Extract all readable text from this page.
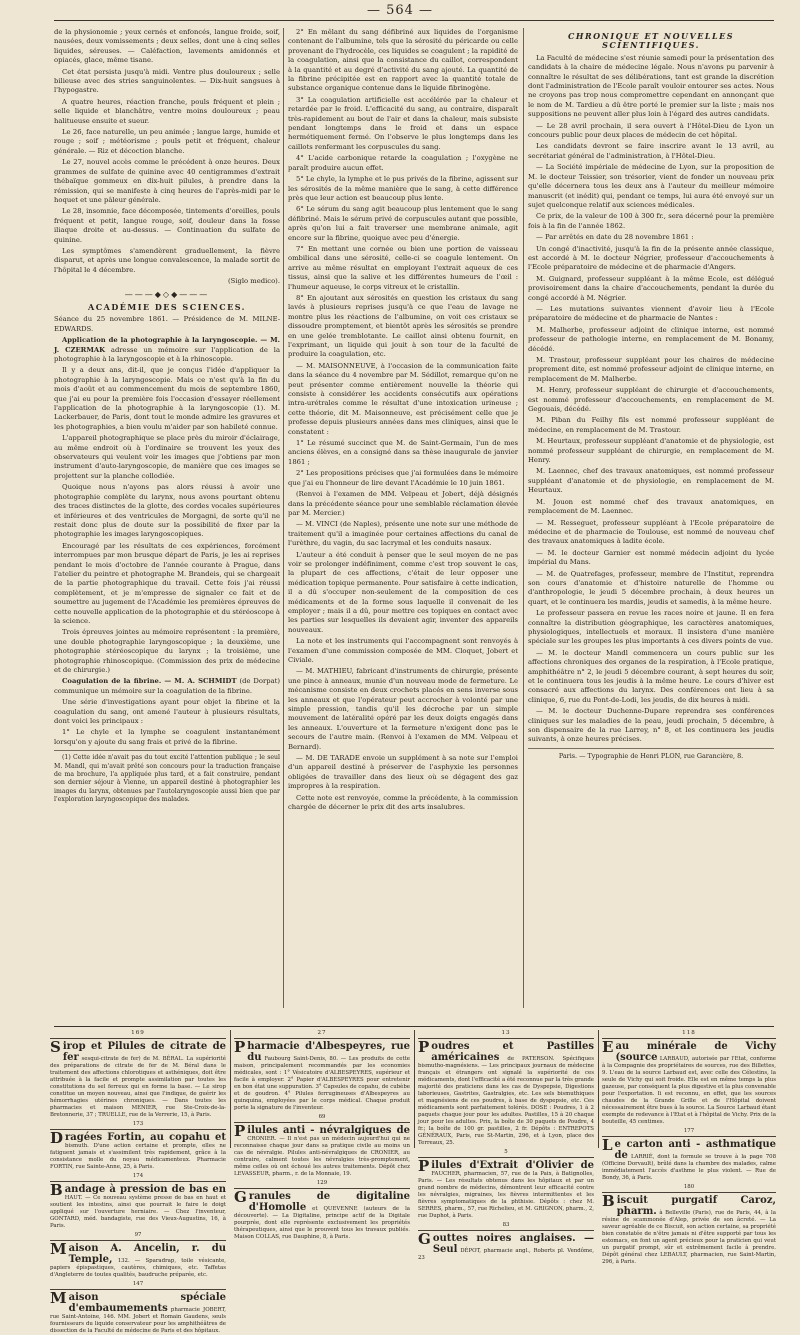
— 564 —

de la physionomie ; yeux cernés et enfoncés, langue froide, soif, nausées, deux vomissements ; deux selles, dont une à cinq selles liquides, séreuses. — Caléfaction, lavements amidonnés et opiacés, glace, même tisane.

Cet état persista jusqu'à midi. Ventre plus douloureux ; selle bilieuse avec des stries sanguinolentes. — Dix-huit sangsues à l'hypogastre.

A quatre heures, réaction franche, pouls fréquent et plein ; selle liquide et blanchâtre, ventre moins douloureux ; peau halitueuse ensuite et sueur.

Le 26, face naturelle, un peu animée ; langue large, humide et rouge ; soif ; météorisme ; pouls petit et fréquent, chaleur générale. — Riz et décoction blanche.

Le 27, nouvel accès comme le précédent à onze heures. Deux grammes de sulfate de quinine avec 40 centigrammes d'extrait thébaïque gommeux en dix-huit pilules, à prendre dans la rémission, qui se manifeste à cinq heures de l'après-midi par le hoquet et une pâleur générale.

Le 28, insomnie, face décomposée, tintements d'oreilles, pouls fréquent et petit, langue rouge, soif, douleur dans la fosse iliaque droite et au-dessus. — Continuation du sulfate de quinine.

Les symptômes s'amendèrent graduellement, la fièvre disparut, et après une longue convalescence, la malade sortit de l'hôpital le 4 décembre.

(Siglo medico).

———◆◇◆———
ACADÉMIE DES SCIENCES.

Séance du 25 novembre 1861. — Présidence de M. MILNE-EDWARDS.

Application de la photographie à la laryngoscopie. — M. J. CZERMAK adresse un mémoire sur l'application de la photographie à la laryngoscopie et à la rhinoscopie.

Il y a deux ans, dit-il, que je conçus l'idée d'appliquer la photographie à la laryngoscopie. Mais ce n'est qu'à la fin du mois d'août et au commencement du mois de septembre 1860, que j'ai eu pour la première fois l'occasion d'essayer réellement l'application de la photographie à la laryngoscopie (1). M. Lackerbauer, de Paris, dont tout le monde admire les gravures et les photographies, a bien voulu m'aider par son habileté connue.

L'appareil photographique se place près du miroir d'éclairage, au même endroit où à l'ordinaire se trouvent les yeux des observateurs qui veulent voir les images que j'obtiens par mon instrument d'auto-laryngoscopie, de manière que ces images se projettent sur la planche collodiée.

Quoique nous n'ayons pas alors réussi à avoir une photographie complète du larynx, nous avons pourtant obtenu des traces distinctes de la glotte, des cordes vocales supérieures et inférieures et des ventricules de Morgagni, de sorte qu'il ne restait donc plus de doute sur la possibilité de fixer par la photographie les images laryngoscopiques.

Encouragé par les résultats de ces expériences, forcément interrompues par mon brusque départ de Paris, je les ai reprises pendant le mois d'octobre de l'année courante à Prague, dans l'atelier du peintre et photographe M. Brandeis, qui se chargeait de la partie photographique du travail. Cette fois j'ai réussi complètement, et je m'empresse de signaler ce fait et de soumettre au jugement de l'Académie les premières épreuves de cette nouvelle application de la photographie et du stéréoscope à la science.

Trois épreuves jointes au mémoire représentent : la première, une double photographie laryngoscopique ; la deuxième, une photographie stéréoscopique du larynx ; la troisième, une photographie rhinoscopique. (Commission des prix de médecine et de chirurgie.)

Coagulation de la fibrine. — M. A. SCHMIDT (de Dorpat) communique un mémoire sur la coagulation de la fibrine.

Une série d'investigations ayant pour objet la fibrine et la coagulation du sang, ont amené l'auteur à plusieurs résultats, dont voici les principaux :

1° Le chyle et la lymphe se coagulent instantanément lorsqu'on y ajoute du sang frais et privé de la fibrine.

(1) Cette idée n'avait pas du tout excité l'attention publique ; le seul M. Mandl, qui m'avait prêté son concours pour la traduction française de ma brochure, l'a appliquée plus tard, et a fait construire, pendant son dernier séjour à Vienne, un appareil destiné à photographier les images du larynx, obtenues par l'autolaryngoscopie aussi bien que par l'exploration laryngoscopique des malades.

2° En mêlant du sang défibriné aux liquides de l'organisme contenant de l'albumine, tels que la sérosité du péricarde ou celle provenant de l'hydrocèle, ces liquides se coagulent ; la rapidité de la coagulation, ainsi que la consistance du caillot, correspondent à la quantité et au degré d'activité du sang ajouté. La quantité de la fibrine précipitée est en rapport avec la quantité totale de substance organique contenue dans le liquide fibrinogène.

3° La coagulation artificielle est accélérée par la chaleur et retardée par le froid. L'efficacité du sang, au contraire, disparaît très-rapidement au bout de l'air et dans la chaleur, mais subsiste pendant longtemps dans le froid et dans un espace hermétiquement fermé. On l'observe le plus longtemps dans les caillots renfermant les corpuscules du sang.

4° L'acide carbonique retarde la coagulation ; l'oxygène ne paraît produire aucun effet.

5° Le chyle, la lymphe et le pus privés de la fibrine, agissent sur les sérosités de la même manière que le sang, à cette différence près que leur action est beaucoup plus lente.

6° Le sérum du sang agit beaucoup plus lentement que le sang défibriné. Mais le sérum privé de corpuscules autant que possible, après qu'on lui a fait traverser une membrane animale, agit encore sur la fibrine, quoique avec peu d'énergie.

7° En mettant une cornée ou bien une portion de vaisseau ombilical dans une sérosité, celle-ci se coagule lentement. On arrive au même résultat en employant l'extrait aqueux de ces tissus, ainsi que la salive et les différentes humeurs de l'œil : l'humeur aqueuse, le corps vitreux et le cristallin.

8° En ajoutant aux sérosités en question les cristaux du sang lavés à plusieurs reprises jusqu'à ce que l'eau de lavage ne montre plus les réactions de l'albumine, on voit ces cristaux se dissoudre promptement, et bientôt après les sérosités se prendre en une gelée tremblotante. Le caillot ainsi obtenu fournit, en l'exprimant, un liquide qui jouit à son tour de la faculté de produire la coagulation, etc.

— M. MAISONNEUVE, à l'occasion de la communication faite dans la séance du 4 novembre par M. Sédillot, remarque qu'on ne peut présenter comme entièrement nouvelle la théorie qui consiste à considérer les accidents consécutifs aux opérations intra-urétrales comme le résultat d'une intoxication urineuse ; cette théorie, dit M. Maisonneuve, est précisément celle que je professe depuis plusieurs années dans mes cliniques, ainsi que le constatent :

1° Le résumé succinct que M. de Saint-Germain, l'un de mes anciens élèves, en a consigné dans sa thèse inaugurale de janvier 1861 ;

2° Les propositions précises que j'ai formulées dans le mémoire que j'ai eu l'honneur de lire devant l'Académie le 10 juin 1861.

(Renvoi à l'examen de MM. Velpeau et Jobert, déjà désignés dans la précédente séance pour une semblable réclamation élevée par M. Mercier.)

— M. VINCI (de Naples), présente une note sur une méthode de traitement qu'il a imaginée pour certaines affections du canal de l'urèthre, du vagin, du sac lacrymal et les conduits nasaux.

L'auteur a été conduit à penser que le seul moyen de ne pas voir se prolonger indéfiniment, comme c'est trop souvent le cas, la plupart de ces affections, c'était de leur opposer une médication topique permanente. Pour satisfaire à cette indication, il a dû s'occuper non-seulement de la composition de ces médicaments et de la forme sous laquelle il convenait de les employer ; mais il a dû, pour mettre ces topiques en contact avec les parties sur lesquelles ils devaient agir, inventer des appareils nouveaux.

La note et les instruments qui l'accompagnent sont renvoyés à l'examen d'une commission composée de MM. Cloquet, Jobert et Civiale.

— M. MATHIEU, fabricant d'instruments de chirurgie, présente une pince à anneaux, munie d'un nouveau mode de fermeture. Le mécanisme consiste en deux crochets placés en sens inverse sous les anneaux et que l'opérateur peut accrocher à volonté par une simple pression, tandis qu'il les décroche par un simple mouvement de latéralité opéré par les deux doigts engagés dans les anneaux. L'ouverture et la fermeture n'exigent donc pas le secours de l'autre main. (Renvoi à l'examen de MM. Velpeau et Bernard).

— M. DE TARADE envoie un supplément à sa note sur l'emploi d'un appareil destiné à préserver de l'asphyxie les personnes obligées de travailler dans des lieux où se dégagent des gaz impropres à la respiration.

Cette note est renvoyée, comme la précédente, à la commission chargée de décerner le prix dit des arts insalubres.

CHRONIQUE ET NOUVELLES SCIENTIFIQUES.

La Faculté de médecine s'est réunie samedi pour la présentation des candidats à la chaire de médecine légale. Nous n'avons pu parvenir à connaître le résultat de ses délibérations, tant est grande la discrétion dont l'administration de l'Ecole paraît vouloir entourer ses actes. Nous ne croyons pas trop nous compromettre cependant en annonçant que le nom de M. Tardieu a dû être porté le premier sur la liste ; mais nos suppositions ne peuvent aller plus loin à l'égard des autres candidats.

— Le 28 avril prochain, il sera ouvert à l'Hôtel-Dieu de Lyon un concours public pour deux places de médecin de cet hôpital.

Les candidats devront se faire inscrire avant le 13 avril, au secrétariat général de l'administration, à l'Hôtel-Dieu.

— La Société impériale de médecine de Lyon, sur la proposition de M. le docteur Teissier, son trésorier, vient de fonder un nouveau prix qu'elle décernera tous les deux ans à l'auteur du meilleur mémoire manuscrit (et inédit) qui, pendant ce temps, lui aura été envoyé sur un sujet quelconque relatif aux sciences médicales.

Ce prix, de la valeur de 100 à 300 fr., sera décerné pour la première fois à la fin de l'année 1862.

— Par arrêtés en date du 28 novembre 1861 :

Un congé d'inactivité, jusqu'à la fin de la présente année classique, est accordé à M. le docteur Négrier, professeur d'accouchements à l'Ecole préparatoire de médecine et de pharmacie d'Angers.

M. Guignard, professeur suppléant à la même Ecole, est délégué provisoirement dans la chaire d'accouchements, pendant la durée du congé accordé à M. Négrier.

— Les mutations suivantes viennent d'avoir lieu à l'Ecole préparatoire de médecine et de pharmacie de Nantes :

M. Malherbe, professeur adjoint de clinique interne, est nommé professeur de pathologie interne, en remplacement de M. Bonamy, décédé.

M. Trastour, professeur suppléant pour les chaires de médecine proprement dite, est nommé professeur adjoint de clinique interne, en remplacement de M. Malherbe.

M. Henry, professeur suppléant de chirurgie et d'accouchements, est nommé professeur d'accouchements, en remplacement de M. Gegouais, décédé.

M. Piban du Feilhy fils est nommé professeur suppléant de médecine, en remplacement de M. Trastour.

M. Heurtaux, professeur suppléant d'anatomie et de physiologie, est nommé professeur suppléant de chirurgie, en remplacement de M. Henry.

M. Laennec, chef des travaux anatomiques, est nommé professeur suppléant d'anatomie et de physiologie, en remplacement de M. Heurtaux.

M. Jouon est nommé chef des travaux anatomiques, en remplacement de M. Laennec.

— M. Resseguet, professeur suppléant à l'Ecole préparatoire de médecine et de pharmacie de Toulouse, est nommé de nouveau chef des travaux anatomiques à ladite école.

— M. le docteur Garnier est nommé médecin adjoint du lycée impérial du Mans.

— M. de Quatrefages, professeur, membre de l'Institut, reprendra son cours d'anatomie et d'histoire naturelle de l'homme ou d'anthropologie, le jeudi 5 décembre prochain, à deux heures un quart, et le continuera les mardis, jeudis et samedis, à la même heure.

Le professeur passera en revue les races noire et jaune. Il en fera connaître la distribution géographique, les caractères anatomiques, physiologiques, intellectuels et moraux. Il insistera d'une manière spéciale sur les groupes les plus importants à ces divers points de vue.

— M. le docteur Mandl commencera un cours public sur les affections chroniques des organes de la respiration, à l'Ecole pratique, amphithéâtre n° 2, le jeudi 5 décembre courant, à sept heures du soir, et le continuera tous les jeudis à la même heure. Le cours d'hiver est consacré aux affections du larynx. Des conférences ont lieu à sa clinique, 6, rue du Pont-de-Lodi, les jeudis, de dix heures à midi.

— M. le docteur Duchenne-Dupare reprendra ses conférences cliniques sur les maladies de la peau, jeudi prochain, 5 décembre, à son dispensaire de la rue Larrey, n° 8, et les continuera les jeudis suivants, à onze heures précises.

Paris. — Typographie de Henri PLON, rue Garancière, 8.

169
Sirop et Pilules de citrate de fer sesqui-citrate de fer) de M. BÉRAL. La supériorité des préparations de citrate de fer de M. Béral dans le traitement des affections chlorotiques et asthéniques, doit être attribuée à la facile et prompte assimilation par toutes les constitutions du sel ferreux qui en forme la base. — Le sirop constitue un moyen nouveau, ainsi que l'indique, de guérir les hémorrhagies utérines chroniques. — Dans toutes les pharmacies et maison MENIER, rue Ste-Croix-de-la-Bretonnerie, 37 ; TRUELLE, rue de la Verrerie, 15, à Paris.
173
Dragées Fortin, au copahu et bismuth. D'une action certaine et prompte, elles ne fatiguent jamais et s'assimilent très rapidement, grâce à la consistance molle du noyau médicamenteux. Pharmacie FORTIN, rue Sainte-Anne, 25, à Paris.
174
Bandage à pression de bas en HAUT. — Ce nouveau système presse de bas en haut et soutient les intestins, ainsi que pourrait le faire le doigt appliqué sur l'ouverture herniaire. — Chez l'inventeur, GONTARD, méd. bandagiste, rue des Vieux-Augustins, 16, à Paris.
97
Maison A. Ancelin, r. du Temple, 132. — Sparadrap, toile vésicante, papiers épispastiques, cautères, chimiques, etc. Taffetas d'Angleterre de toutes qualités, baudruche préparée, etc.
147
Maison spéciale d'embaumements pharmacie JOBERT, rue Saint-Antoine, 146. MM. Jobert et Romain Gaudens, seuls fournisseurs du liquide conservateur pour les amphithéâtres de dissection de la Faculté de médecine de Paris et des hôpitaux.
27
Pharmacie d'Albespeyres, rue du Faubourg Saint-Denis, 80. — Les produits de cette maison, principalement recommandés par les economies médicales, sont : 1° Vésicatoire d'ALBESPEYRES, supérieur et facile à employer. 2° Papier d'ALBESPEYRES pour entretenir en bon état une suppuration. 3° Capsules de copahu, de cubèbe et de goudron. 4° Pilules ferrugineuses d'Albespeyres au quinquina, employées par le corps médical. Chaque produit porte la signature de l'inventeur.
69
Pilules anti - névralgiques de CRONIER. — Il n'est pas un médecin aujourd'hui qui ne reconnaisse chaque jour dans sa pratique civile au moins un cas de névralgie. Pilules anti-névralgiques de CRONIER, au contraire, calment toutes les névralgies très-promptement, même celles où ont échoué les autres traitements. Dépôt chez LEVASSEUR, pharm., r. de la Monnaie, 19.
129
Granules de digitaline d'Homolle et QUEVENNE (auteurs de la découverte). — La Digitaline, principe actif de la Digitale pourprée, dont elle représente exclusivement les propriétés thérapeutiques, ainsi que le prouvent tous les travaux publiés. Maison COLLAS, rue Dauphine, 8, à Paris.
13
Poudres et Pastilles américaines de PATERSON. Spécifiques bismutho-magnésiens. — Les principaux journaux de médecine français et étrangers ont signalé la supériorité de ces médicaments, dont l'efficacité a été reconnue par la très grande majorité des praticiens dans les cas de Dyspepsie, Digestions laborieuses, Gastrites, Gastralgies, etc. Les sels bismuthiques et magnésiens de ces poudres, à base de dyspepsie, etc. Ces médicaments sont parfaitement tolérés. DOSE : Poudres, 1 à 2 paquets chaque jour pour les adultes. Pastilles, 15 à 20 chaque jour pour les adultes. Prix, la boîte de 30 paquets de Poudre, 4 fr.; la boîte de 100 gr. pastilles, 2 fr. Dépôts : ENTREPOTS GÉNÉRAUX, Paris, rue St-Martin, 296, et à Lyon, place des Terreaux, 25.
5
Pilules d'Extrait d'Olivier de FAUCHER, pharmacien, 57, rue de la Paix, à Batignolles, Paris. — Les résultats obtenus dans les hôpitaux et par un grand nombre de médecins, démontrent leur efficacité contre les névralgies, migraines, les fièvres intermittentes et les fièvres symptomatiques de la phthisie. Dépôts : chez M. SERRES, pharm., 57, rue Richelieu, et M. GRIGNON, pharm., 2, rue Duphot, à Paris.
83
Gouttes noires anglaises. — Seul DÉPOT, pharmacie angl., Roberts pl. Vendôme, 23
118
Eau minérale de Vichy (source LARBAUD, autorisée par l'Etat, conforme à la Compagnie des propriétaires de sources, rue des Billettes, 9. L'eau de la source Larbaud est, avec celle des Célestins, la seule de Vichy qui soit froide. Elle est en même temps la plus gazeuse, par conséquent la plus digestive et la plus convenable pour l'exportation. Ii est reconnu, en effet, que les sources chaudes de la Grande Grille et de l'Hôpital doivent nécessairement être bues à la source. La Source Larbaud étant exempte de redevance à l'Etat et à l'hôpital de Vichy. Prix de la bouteille, 45 centimes.
177
Le carton anti - asthmatique de LARRIÉ, dont la formule se trouve à la page 708 (Officine Dorvault), brûlé dans la chambre des malades, calme immédiatement l'accès d'asthme le plus violent. — Rue de Bondy, 36, à Paris.
180
Biscuit purgatif Caroz, pharm. à Belleville (Paris), rue de Paris, 44, à la résine de scammonée d'Alep, privée de son âcreté. — La saveur agréable de ce Biscuit, son action certaine, sa propriété bien constatée de n'être jamais ni d'être supporté par tous les estomacs, en font un agent précieux pour la praticien qui veut un purgatif prompt, sûr et extrêmement facile à prendre. Dépôt général chez LEBAULT, pharmacien, rue Saint-Martin, 296, à Paris.
